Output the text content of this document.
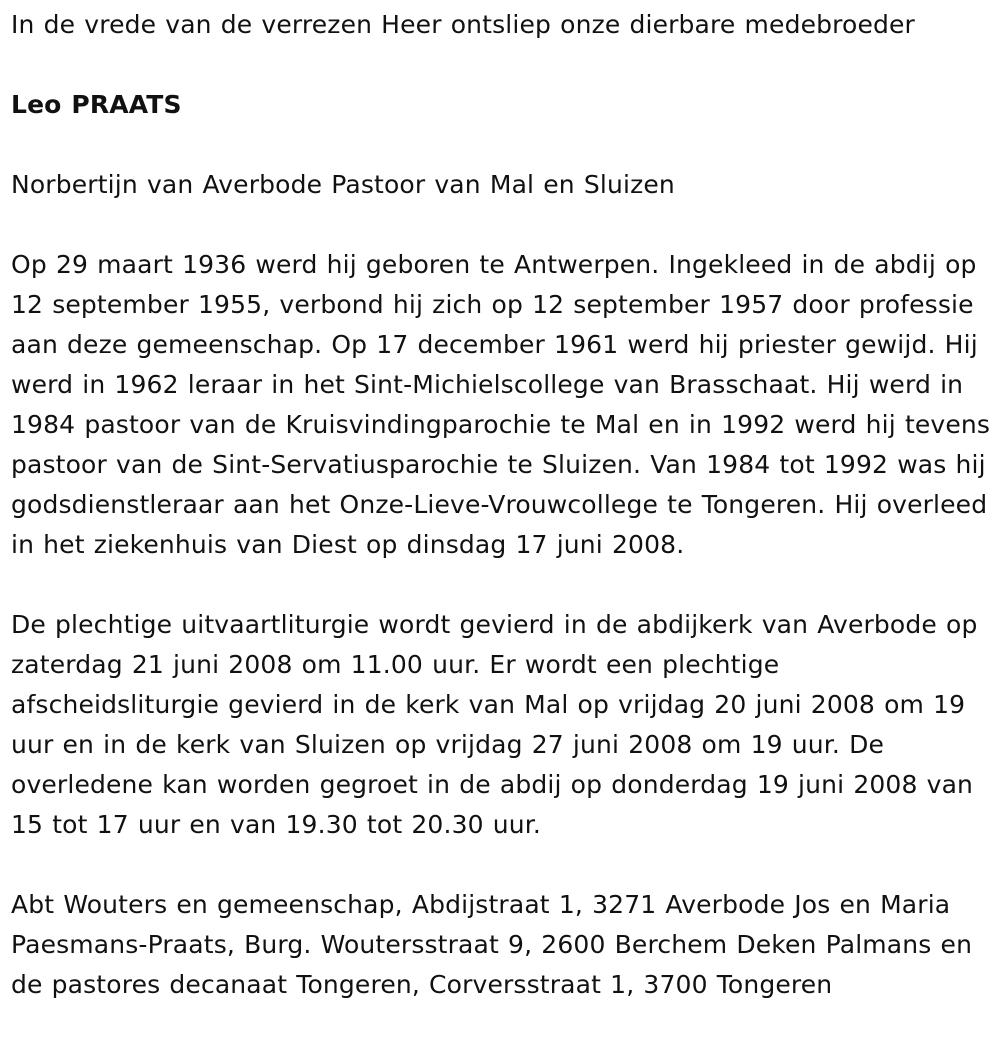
In de vrede van de verrezen Heer ontsliep onze dierbare medebroeder

Leo PRAATS

Norbertijn van Averbode Pastoor van Mal en Sluizen

Op 29 maart 1936 werd hij geboren te Antwerpen. Ingekleed in de abdij op 12 september 1955, verbond hij zich op 12 september 1957 door professie aan deze gemeenschap. Op 17 december 1961 werd hij priester gewijd. Hij werd in 1962 leraar in het Sint-Michielscollege van Brasschaat. Hij werd in 1984 pastoor van de Kruisvindingparochie te Mal en in 1992 werd hij tevens pastoor van de Sint-Servatiusparochie te Sluizen. Van 1984 tot 1992 was hij godsdienstleraar aan het Onze-Lieve-Vrouwcollege te Tongeren. Hij overleed in het ziekenhuis van Diest op dinsdag 17 juni 2008.

De plechtige uitvaartliturgie wordt gevierd in de abdijkerk van Averbode op zaterdag 21 juni 2008 om 11.00 uur. Er wordt een plechtige afscheidsliturgie gevierd in de kerk van Mal op vrijdag 20 juni 2008 om 19 uur en in de kerk van Sluizen op vrijdag 27 juni 2008 om 19 uur. De overledene kan worden gegroet in de abdij op donderdag 19 juni 2008 van 15 tot 17 uur en van 19.30 tot 20.30 uur.

Abt Wouters en gemeenschap, Abdijstraat 1, 3271 Averbode Jos en Maria Paesmans-Praats, Burg. Woutersstraat 9, 2600 Berchem Deken Palmans en de pastores decanaat Tongeren, Corversstraat 1, 3700 Tongeren
